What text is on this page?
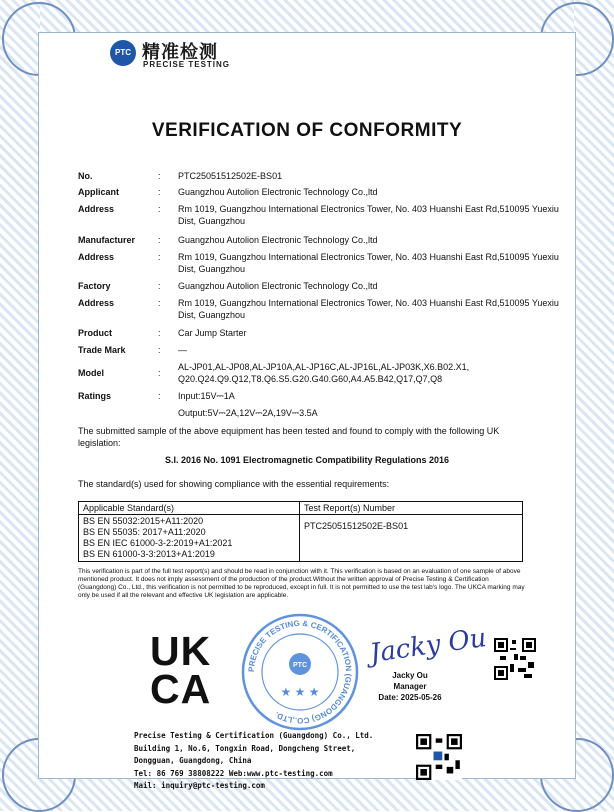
PTC 精准检测
PRECISE TESTING
VERIFICATION OF CONFORMITY
No.	: PTC25051512502E-BS01
Applicant	: Guangzhou Autolion Electronic Technology Co.,ltd
Address	: Rm 1019, Guangzhou International Electronics Tower, No. 403 Huanshi East Rd,510095 Yuexiu Dist, Guangzhou
Manufacturer	: Guangzhou Autolion Electronic Technology Co.,ltd
Address	: Rm 1019, Guangzhou International Electronics Tower, No. 403 Huanshi East Rd,510095 Yuexiu Dist, Guangzhou
Factory	: Guangzhou Autolion Electronic Technology Co.,ltd
Address	: Rm 1019, Guangzhou International Electronics Tower, No. 403 Huanshi East Rd,510095 Yuexiu Dist, Guangzhou
Product	: Car Jump Starter
Trade Mark	: —
Model	:
AL-JP01,AL-JP08,AL-JP10A,AL-JP16C,AL-JP16L,AL-JP03K,X6.B02.X1, Q20.Q24.Q9.Q12,T8.Q6.S5.G20.G40.G60,A4.A5.B42,Q17,Q7,Q8
Ratings	: Input:15V⎓1A
Output:5V⎓2A,12V⎓2A,19V⎓3.5A
The submitted sample of the above equipment has been tested and found to comply with the following UK legislation:
S.I. 2016 No. 1091 Electromagnetic Compatibility Regulations 2016
The standard(s) used for showing compliance with the essential requirements:
Applicable Standard(s)	Test Report(s) Number

BS EN 55032:2015+A11:2020
BS EN 55035: 2017+A11:2020
BS EN IEC 61000-3-2:2019+A1:2021
BS EN 61000-3-3:2013+A1:2019	PTC25051512502E-BS01
This verification is part of the full test report(s) and should be read in conjunction with it. This verification is based on an evaluation of one sample of above mentioned product. It does not imply assessment of the production of the product.Without the written approval of Precise Testing & Certification (Guangdong) Co., Ltd., this verification is not permitted to be reproduced, except in full. It is not permitted to use the test lab's logo. The UKCA marking may only be used if all the relevant and effective UK legislation are applicable.
UK
CA	PRECISE TESTING & CERTIFICATION (GUANGDONG) CO.,LTD.
PTC
★ ★ ★
Jacky Ou
Jacky Ou
Manager
Date: 2025-05-26
Precise Testing & Certification (Guangdong) Co., Ltd.
Building 1, No.6, Tongxin Road, Dongcheng Street,
Dongguan, Guangdong, China
Tel: 86 769 38808222 Web:www.ptc-testing.com
Mail: inquiry@ptc-testing.com
